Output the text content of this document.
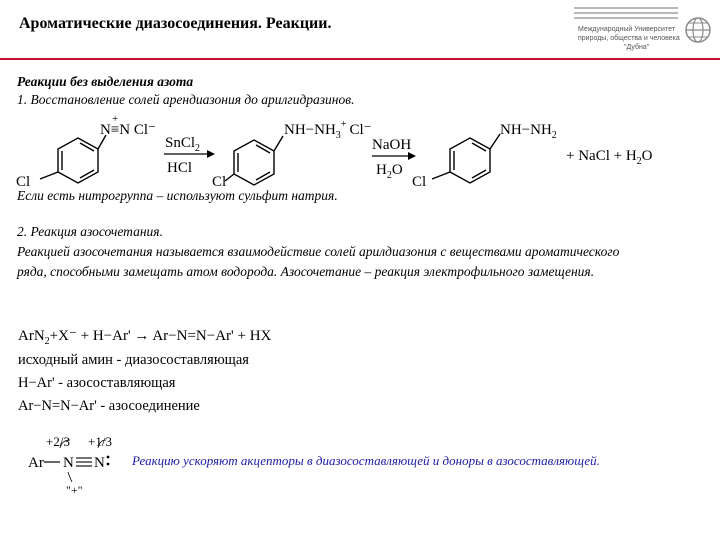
Ароматические диазосоединения. Реакции.	Международный Университет
природы, общества и человека
"Дубна"
Реакции без выделения азота
1. Восстановление солей арендиазония до арилгидразинов.
Cl
N≡N Cl⁻
+
SnCl$_2$
HCl
Cl
$NH-NH_3^+$ Cl⁻
NaOH
$H_2O$
Cl
$NH-NH_2$
+ NaCl + $H_2O$
Если есть нитрогруппа – используют сульфит натрия.
2. Реакция азосочетания.
Реакцией азосочетания называется взаимодействие солей арилдиазония с веществами ароматического ряда, способными замещать атом водорода. Азосочетание – реакция электрофильного замещения.
ArN$_2$+X⁻ + H−Ar' → Ar−N=N−Ar' + HX
исходный амин - диазосоставляющая
H−Ar' - азосоставляющая
Ar−N=N−Ar' - азосоединение
+2/3 +1/3
Ar N N
"+"
Реакцию ускоряют акцепторы в диазосоставляющей и доноры в азосоставляющей.
